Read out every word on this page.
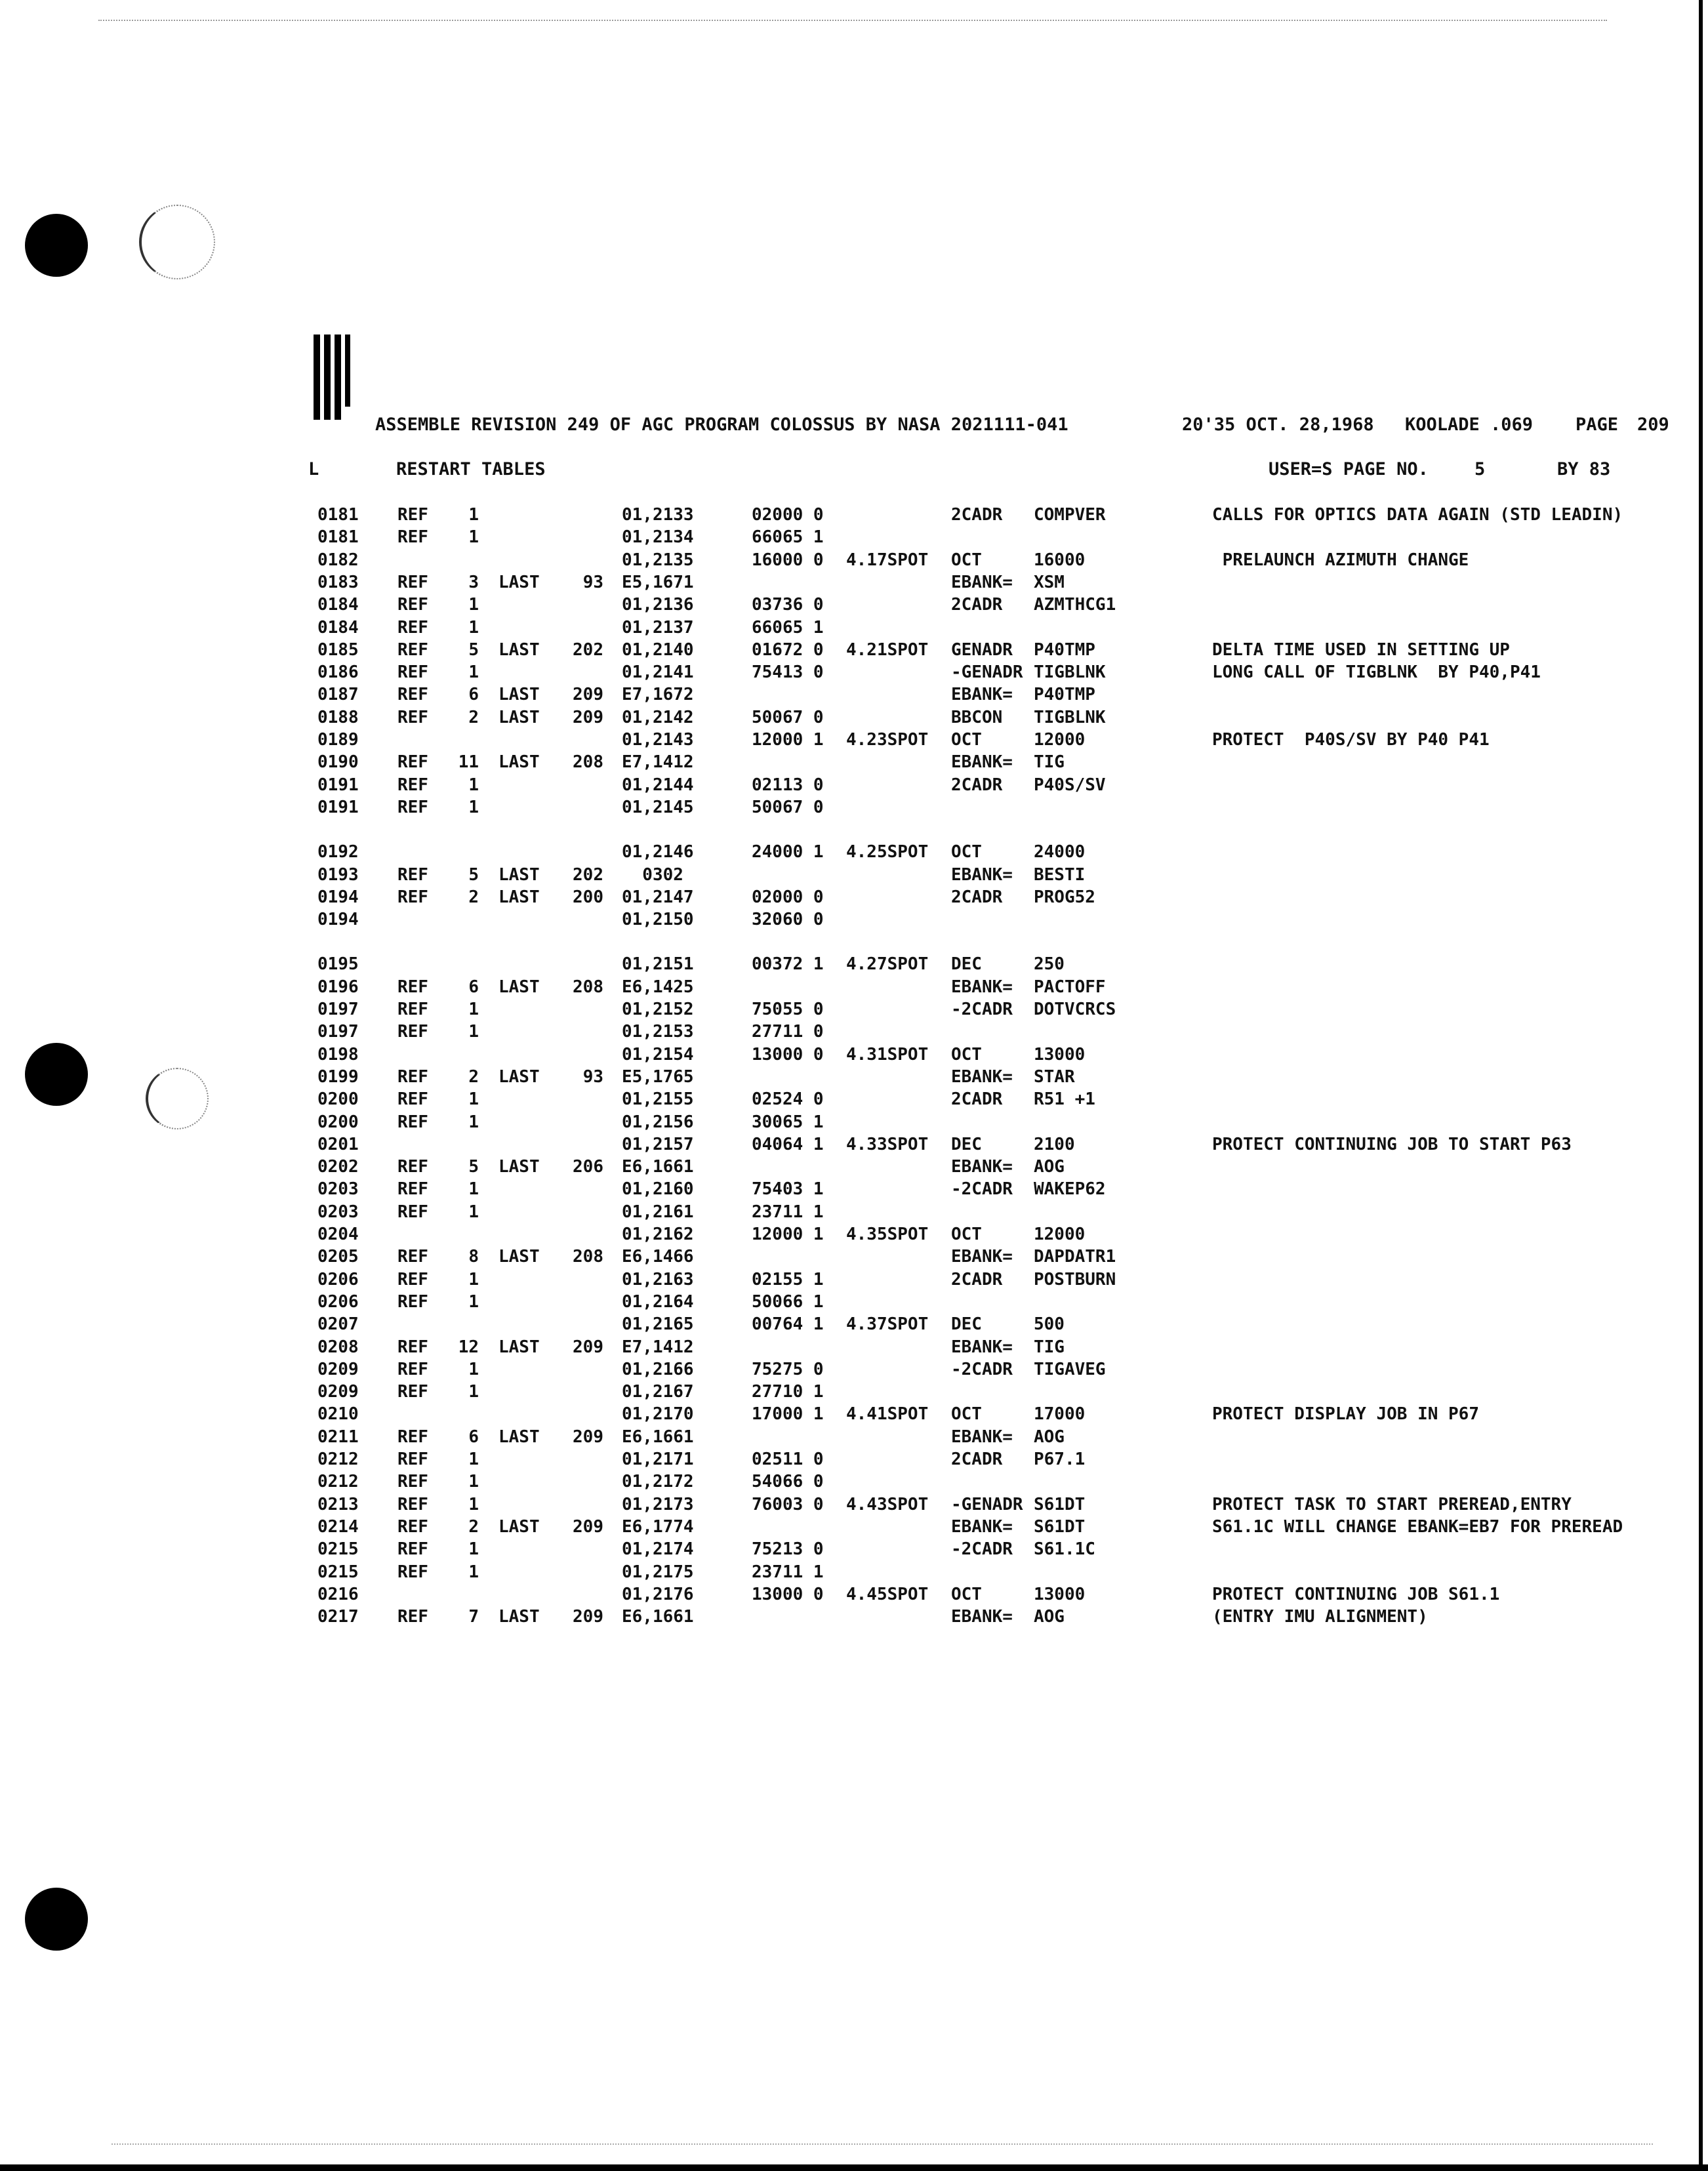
ASSEMBLE REVISION 249 OF AGC PROGRAM COLOSSUS BY NASA 2021111-041	20'35 OCT. 28,1968 KOOLADE .069 PAGE 209
L	RESTART TABLES	USER=S PAGE NO.	5	BY 83
0181 REF	1	01,2133	02000 0	2CADR COMPVER	CALLS FOR OPTICS DATA AGAIN (STD LEADIN)
0181 REF	1	01,2134	66065 1
0182	01,2135	16000 0 4.17SPOT OCT	16000	PRELAUNCH AZIMUTH CHANGE
0183 REF	3 LAST	93 E5,1671	EBANK= XSM
0184 REF	1	01,2136	03736 0	2CADR AZMTHCG1
0184 REF	1	01,2137	66065 1
0185 REF	5 LAST	202 01,2140	01672 0 4.21SPOT GENADR P40TMP	DELTA TIME USED IN SETTING UP
0186 REF	1	01,2141	75413 0	-GENADR TIGBLNK	LONG CALL OF TIGBLNK  BY P40,P41
0187 REF	6 LAST	209 E7,1672	EBANK= P40TMP
0188 REF	2 LAST	209 01,2142	50067 0	BBCON TIGBLNK
0189	01,2143	12000 1 4.23SPOT OCT	12000	PROTECT  P40S/SV BY P40 P41
0190 REF	11 LAST	208 E7,1412	EBANK= TIG
0191 REF	1	01,2144	02113 0	2CADR P40S/SV
0191 REF	1	01,2145	50067 0
0192	01,2146	24000 1 4.25SPOT OCT	24000
0193 REF	5 LAST	202 0302	EBANK= BESTI
0194 REF	2 LAST	200 01,2147	02000 0	2CADR PROG52
0194	01,2150	32060 0
0195	01,2151	00372 1 4.27SPOT DEC	250
0196 REF	6 LAST	208 E6,1425	EBANK= PACTOFF
0197 REF	1	01,2152	75055 0	-2CADR DOTVCRCS
0197 REF	1	01,2153	27711 0
0198	01,2154	13000 0 4.31SPOT OCT	13000
0199 REF	2 LAST	93 E5,1765	EBANK= STAR
0200 REF	1	01,2155	02524 0	2CADR R51 +1
0200 REF	1	01,2156	30065 1
0201	01,2157	04064 1 4.33SPOT DEC	2100	PROTECT CONTINUING JOB TO START P63
0202 REF	5 LAST	206 E6,1661	EBANK= AOG
0203 REF	1	01,2160	75403 1	-2CADR WAKEP62
0203 REF	1	01,2161	23711 1
0204	01,2162	12000 1 4.35SPOT OCT	12000
0205 REF	8 LAST	208 E6,1466	EBANK= DAPDATR1
0206 REF	1	01,2163	02155 1	2CADR POSTBURN
0206 REF	1	01,2164	50066 1
0207	01,2165	00764 1 4.37SPOT DEC	500
0208 REF	12 LAST	209 E7,1412	EBANK= TIG
0209 REF	1	01,2166	75275 0	-2CADR TIGAVEG
0209 REF	1	01,2167	27710 1
0210	01,2170	17000 1 4.41SPOT OCT	17000	PROTECT DISPLAY JOB IN P67
0211 REF	6 LAST	209 E6,1661	EBANK= AOG
0212 REF	1	01,2171	02511 0	2CADR P67.1
0212 REF	1	01,2172	54066 0
0213 REF	1	01,2173	76003 0 4.43SPOT -GENADR S61DT	PROTECT TASK TO START PREREAD,ENTRY
0214 REF	2 LAST	209 E6,1774	EBANK= S61DT	S61.1C WILL CHANGE EBANK=EB7 FOR PREREAD
0215 REF	1	01,2174	75213 0	-2CADR S61.1C
0215 REF	1	01,2175	23711 1
0216	01,2176	13000 0 4.45SPOT OCT	13000	PROTECT CONTINUING JOB S61.1
0217 REF	7 LAST	209 E6,1661	EBANK= AOG	(ENTRY IMU ALIGNMENT)
